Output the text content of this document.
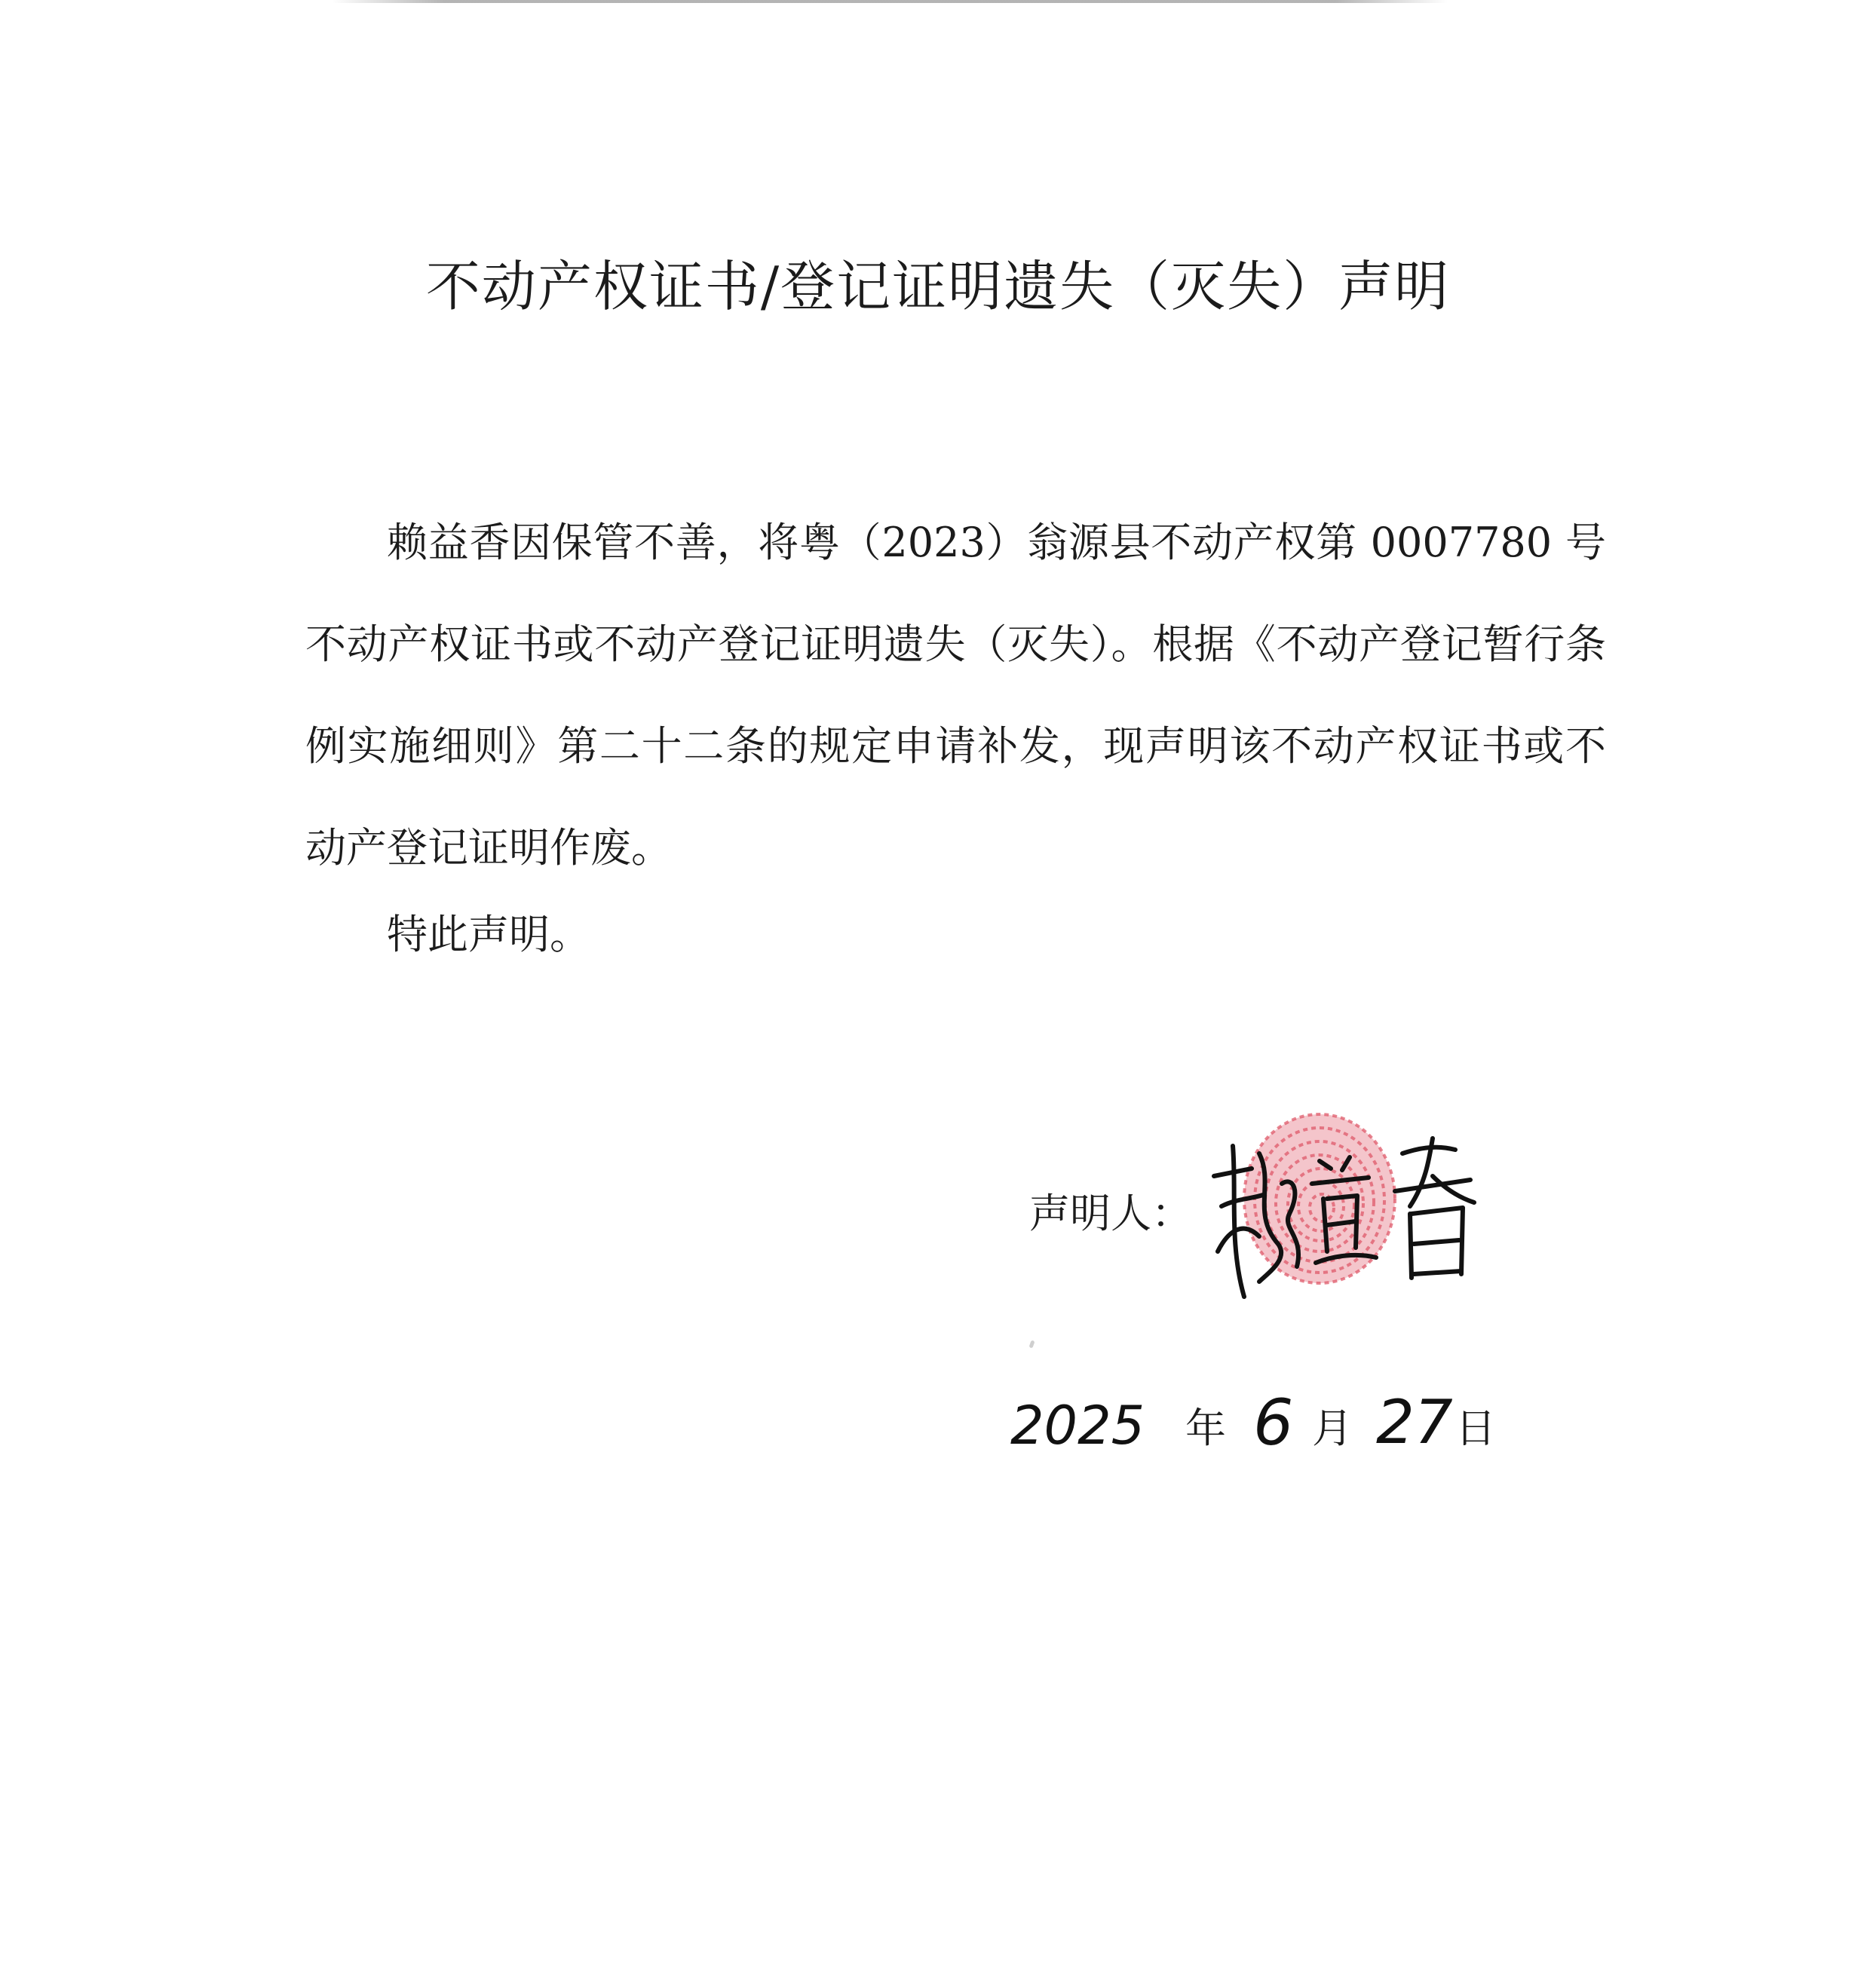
不动产权证书/登记证明遗失（灭失）声明

赖益香因保管不善，将粤（2023）翁源县不动产权第 0007780 号不动产权证书或不动产登记证明遗失（灭失）。根据《不动产登记暂行条例实施细则》第二十二条的规定申请补发，现声明该不动产权证书或不动产登记证明作废。

特此声明。
声明人：
2025 年 6 月 27 日
